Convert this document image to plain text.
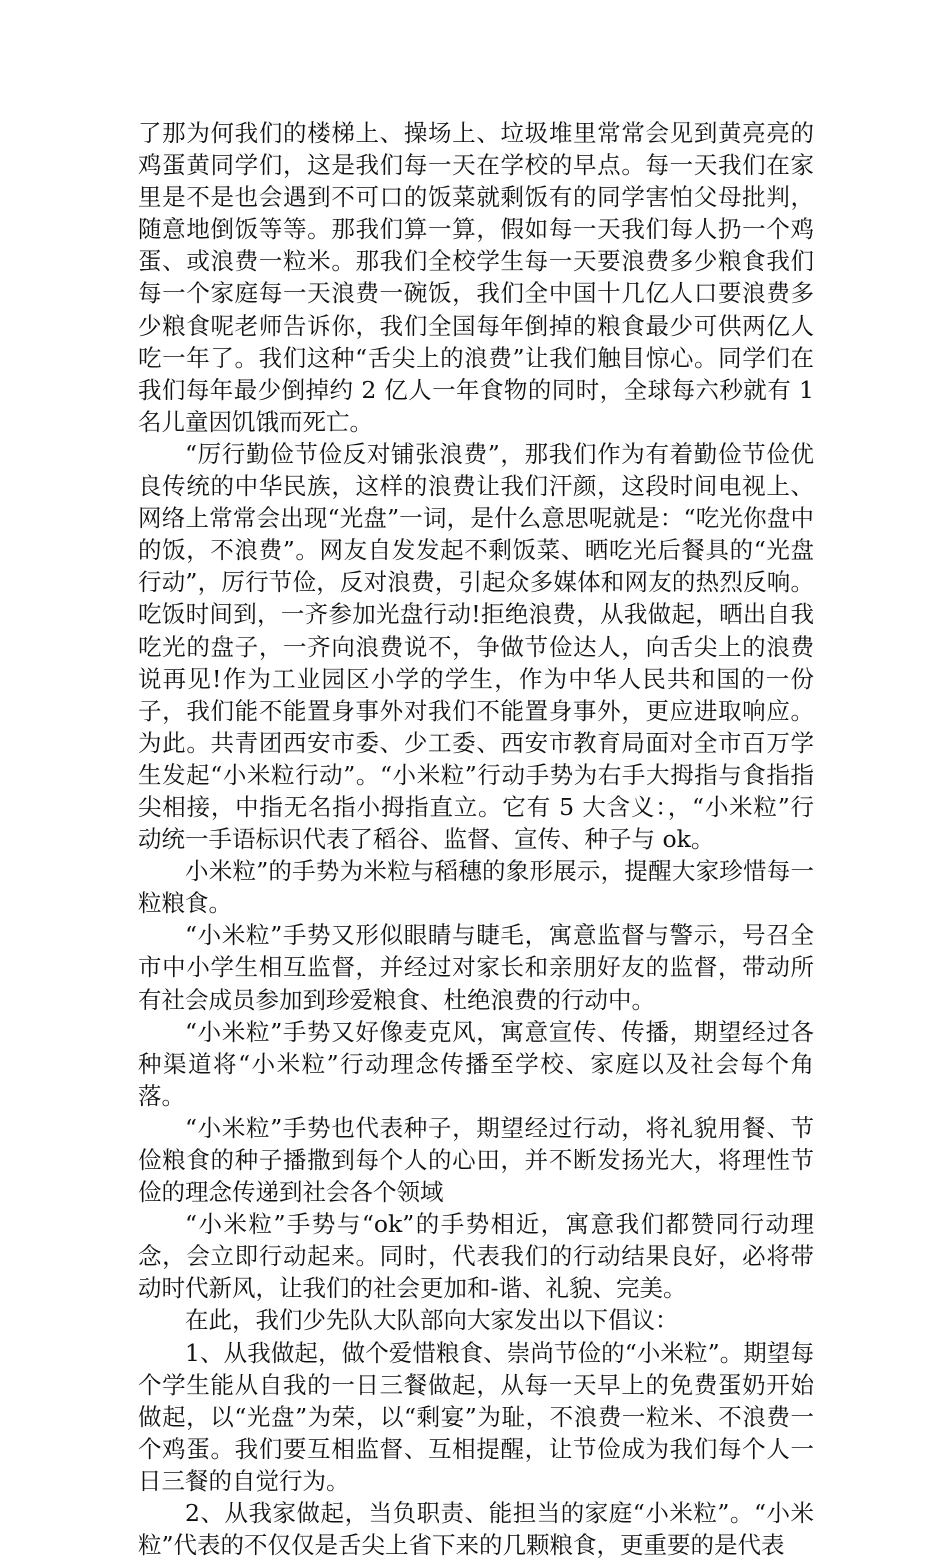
了那为何我们的楼梯上、操场上、垃圾堆里常常会见到黄亮亮的鸡蛋黄同学们，这是我们每一天在学校的早点。每一天我们在家里是不是也会遇到不可口的饭菜就剩饭有的同学害怕父母批判，随意地倒饭等等。那我们算一算，假如每一天我们每人扔一个鸡蛋、或浪费一粒米。那我们全校学生每一天要浪费多少粮食我们每一个家庭每一天浪费一碗饭，我们全中国十几亿人口要浪费多少粮食呢老师告诉你，我们全国每年倒掉的粮食最少可供两亿人吃一年了。我们这种“舌尖上的浪费”让我们触目惊心。同学们在我们每年最少倒掉约 2 亿人一年食物的同时，全球每六秒就有 1 名儿童因饥饿而死亡。

“厉行勤俭节俭反对铺张浪费”，那我们作为有着勤俭节俭优良传统的中华民族，这样的浪费让我们汗颜，这段时间电视上、网络上常常会出现“光盘”一词，是什么意思呢就是：“吃光你盘中的饭，不浪费”。网友自发发起不剩饭菜、晒吃光后餐具的“光盘行动”，厉行节俭，反对浪费，引起众多媒体和网友的热烈反响。吃饭时间到，一齐参加光盘行动!拒绝浪费，从我做起，晒出自我吃光的盘子，一齐向浪费说不，争做节俭达人，向舌尖上的浪费说再见!作为工业园区小学的学生，作为中华人民共和国的一份子，我们能不能置身事外对我们不能置身事外，更应进取响应。为此。共青团西安市委、少工委、西安市教育局面对全市百万学生发起“小米粒行动”。“小米粒”行动手势为右手大拇指与食指指尖相接，中指无名指小拇指直立。它有 5 大含义：，“小米粒”行动统一手语标识代表了稻谷、监督、宣传、种子与 ok。

小米粒”的手势为米粒与稻穗的象形展示，提醒大家珍惜每一粒粮食。

“小米粒”手势又形似眼睛与睫毛，寓意监督与警示，号召全市中小学生相互监督，并经过对家长和亲朋好友的监督，带动所有社会成员参加到珍爱粮食、杜绝浪费的行动中。

“小米粒”手势又好像麦克风，寓意宣传、传播，期望经过各种渠道将“小米粒”行动理念传播至学校、家庭以及社会每个角落。

“小米粒”手势也代表种子，期望经过行动，将礼貌用餐、节俭粮食的种子播撒到每个人的心田，并不断发扬光大，将理性节俭的理念传递到社会各个领域

“小米粒”手势与“ok”的手势相近，寓意我们都赞同行动理念，会立即行动起来。同时，代表我们的行动结果良好，必将带动时代新风，让我们的社会更加和-谐、礼貌、完美。

在此，我们少先队大队部向大家发出以下倡议：

1、从我做起，做个爱惜粮食、崇尚节俭的“小米粒”。期望每个学生能从自我的一日三餐做起，从每一天早上的免费蛋奶开始做起，以“光盘”为荣，以“剩宴”为耻，不浪费一粒米、不浪费一个鸡蛋。我们要互相监督、互相提醒，让节俭成为我们每个人一日三餐的自觉行为。

2、从我家做起，当负职责、能担当的家庭“小米粒”。“小米粒”代表的不仅仅是舌尖上省下来的几颗粮食，更重要的是代表
